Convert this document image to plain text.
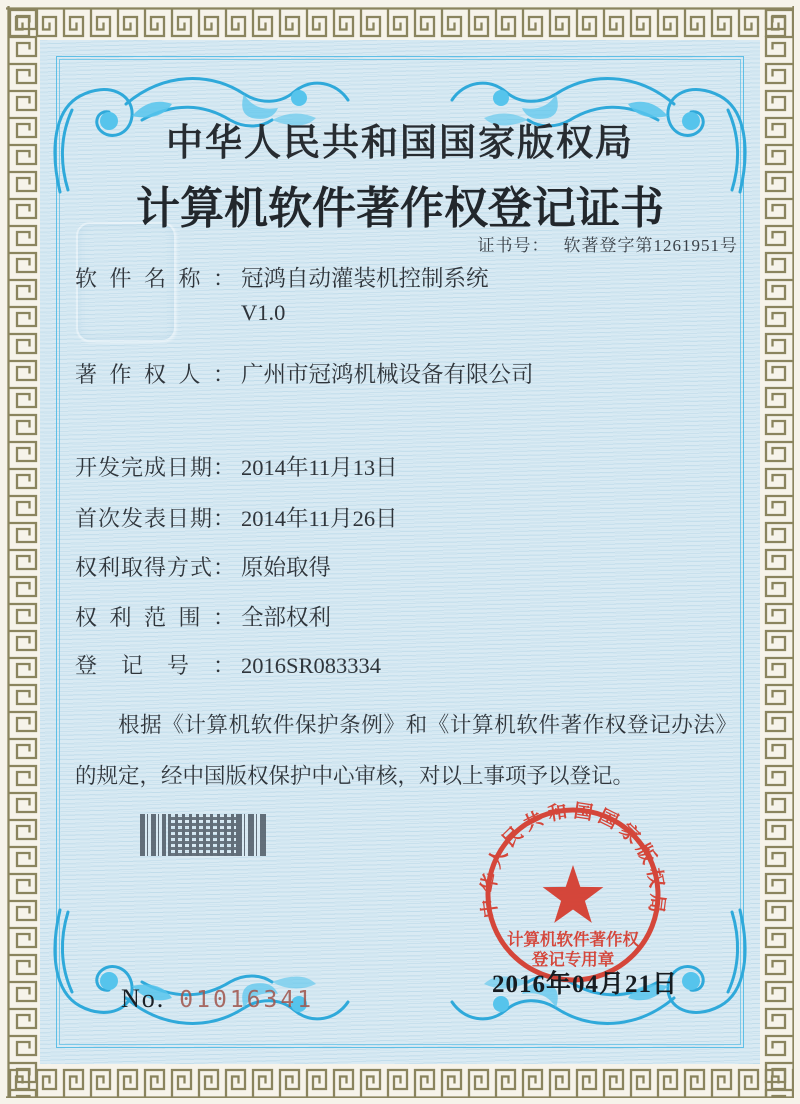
中华人民共和国国家版权局
计算机软件著作权登记证书
证书号： 软著登字第1261951号
软件名称： 冠鸿自动灌装机控制系统
V1.0
著作权人： 广州市冠鸿机械设备有限公司
开发完成日期： 2014年11月13日
首次发表日期： 2014年11月26日
权利取得方式： 原始取得
权利范围： 全部权利
登记号： 2016SR083334
根据《计算机软件保护条例》和《计算机软件著作权登记办法》的规定，经中国版权保护中心审核，对以上事项予以登记。
中华人民共和国国家版权局
计算机软件著作权
登记专用章
2016年04月21日
No. 01016341
